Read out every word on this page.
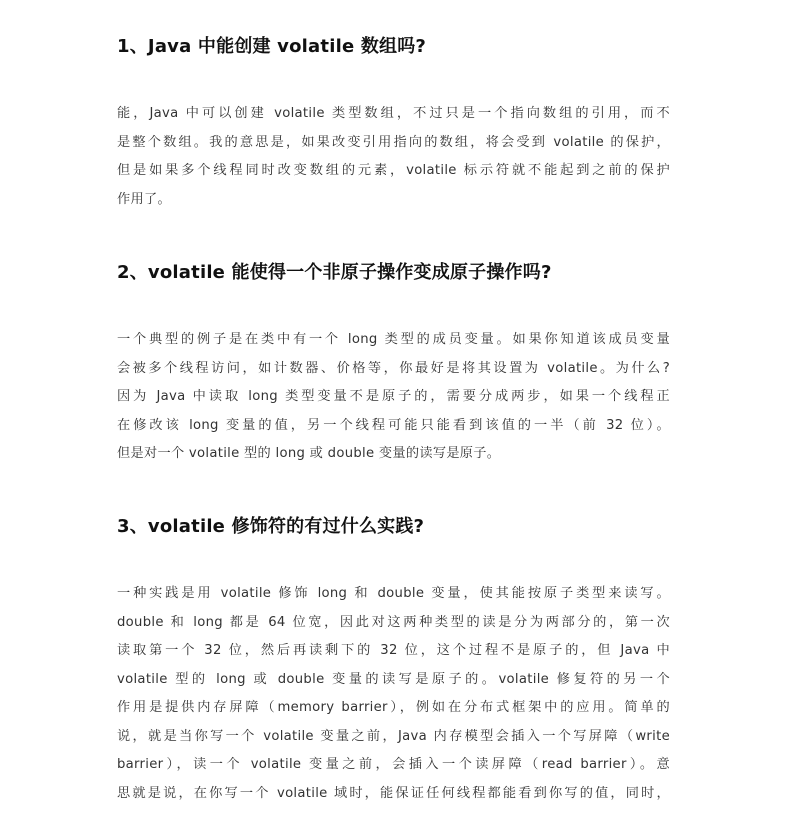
1、Java 中能创建 volatile 数组吗?
能，Java 中可以创建 volatile 类型数组，不过只是一个指向数组的引用，而不
是整个数组。我的意思是，如果改变引用指向的数组，将会受到 volatile 的保护，
但是如果多个线程同时改变数组的元素，volatile 标示符就不能起到之前的保护
作用了。
2、volatile 能使得一个非原子操作变成原子操作吗?
一个典型的例子是在类中有一个 long 类型的成员变量。如果你知道该成员变量
会被多个线程访问，如计数器、价格等，你最好是将其设置为 volatile。为什么?
因为 Java 中读取 long 类型变量不是原子的，需要分成两步，如果一个线程正
在修改该 long 变量的值，另一个线程可能只能看到该值的一半（前 32 位）。
但是对一个 volatile 型的 long 或 double 变量的读写是原子。
3、volatile 修饰符的有过什么实践?
一种实践是用 volatile 修饰 long 和 double 变量，使其能按原子类型来读写。
double 和 long 都是 64 位宽，因此对这两种类型的读是分为两部分的，第一次
读取第一个 32 位，然后再读剩下的 32 位，这个过程不是原子的，但 Java 中
volatile 型的 long 或 double 变量的读写是原子的。volatile 修复符的另一个
作用是提供内存屏障（memory barrier），例如在分布式框架中的应用。简单的
说，就是当你写一个 volatile 变量之前，Java 内存模型会插入一个写屏障（write
barrier），读一个 volatile 变量之前，会插入一个读屏障（read barrier）。意
思就是说，在你写一个 volatile 域时，能保证任何线程都能看到你写的值，同时，
